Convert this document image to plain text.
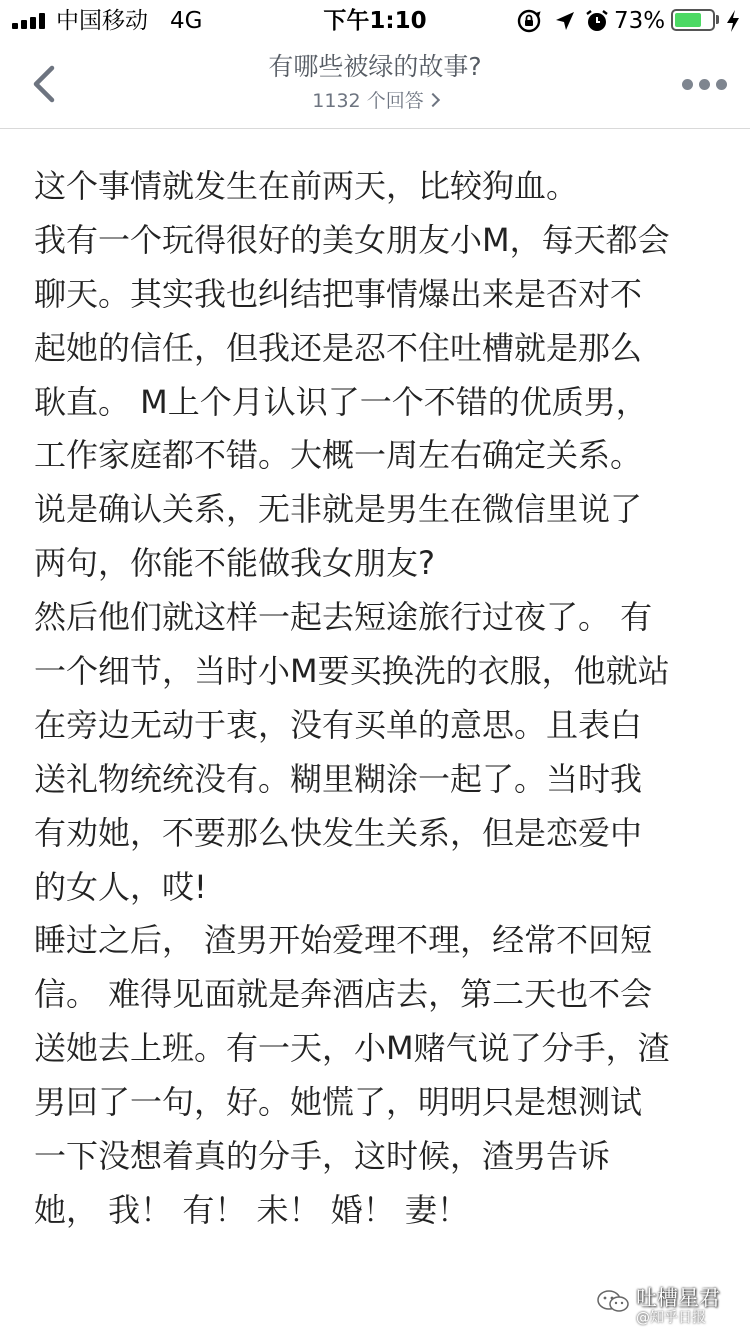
中国移动 4G	下午1:10	73%
有哪些被绿的故事?
1132 个回答
这个事情就发生在前两天，比较狗血。
我有一个玩得很好的美女朋友小M，每天都会
聊天。其实我也纠结把事情爆出来是否对不
起她的信任，但我还是忍不住吐槽就是那么
耿直。 M上个月认识了一个不错的优质男，
工作家庭都不错。大概一周左右确定关系。
说是确认关系，无非就是男生在微信里说了
两句，你能不能做我女朋友?
然后他们就这样一起去短途旅行过夜了。 有
一个细节，当时小M要买换洗的衣服，他就站
在旁边无动于衷，没有买单的意思。且表白
送礼物统统没有。糊里糊涂一起了。当时我
有劝她，不要那么快发生关系，但是恋爱中
的女人，哎!
睡过之后， 渣男开始爱理不理，经常不回短
信。 难得见面就是奔酒店去，第二天也不会
送她去上班。有一天，小M赌气说了分手，渣
男回了一句，好。她慌了，明明只是想测试
一下没想着真的分手，这时候，渣男告诉
她， 我！ 有！ 未！ 婚！ 妻！
吐槽星君
@知乎日报
